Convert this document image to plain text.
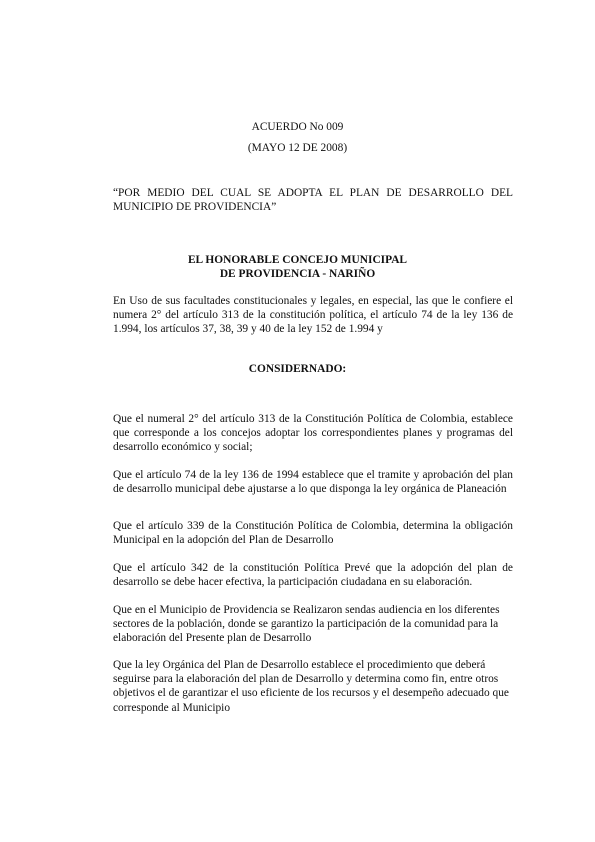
ACUERDO No 009
(MAYO 12 DE 2008)
“POR MEDIO DEL CUAL SE ADOPTA EL PLAN DE DESARROLLO DEL MUNICIPIO DE PROVIDENCIA”
EL HONORABLE CONCEJO MUNICIPAL
DE PROVIDENCIA - NARIÑO
En Uso de sus facultades constitucionales y legales, en especial, las que le confiere el numera 2° del artículo 313 de la constitución política, el artículo 74 de la ley 136 de 1.994, los artículos 37, 38, 39 y 40 de la ley 152 de 1.994 y
CONSIDERNADO:
Que el numeral 2° del artículo 313 de la Constitución Política de Colombia, establece que corresponde a los concejos adoptar los correspondientes planes y programas del desarrollo económico y social;
Que el artículo 74 de la ley 136 de 1994 establece que el tramite y aprobación del plan de desarrollo municipal debe ajustarse a lo que disponga la ley orgánica de Planeación
Que el artículo 339 de la Constitución Política de Colombia, determina la obligación Municipal en la adopción del Plan de Desarrollo
Que el artículo 342 de la constitución Política Prevé que la adopción del plan de desarrollo se debe hacer efectiva, la participación ciudadana en su elaboración.
Que en el Municipio de Providencia se Realizaron sendas audiencia en los diferentes sectores de la población, donde se garantizo la participación de la comunidad para la elaboración del Presente plan de Desarrollo
Que la ley Orgánica del Plan de Desarrollo establece el procedimiento que deberá seguirse para la elaboración del plan de Desarrollo y determina como fin, entre otros objetivos el de garantizar el uso eficiente de los recursos y el desempeño adecuado que corresponde al Municipio
